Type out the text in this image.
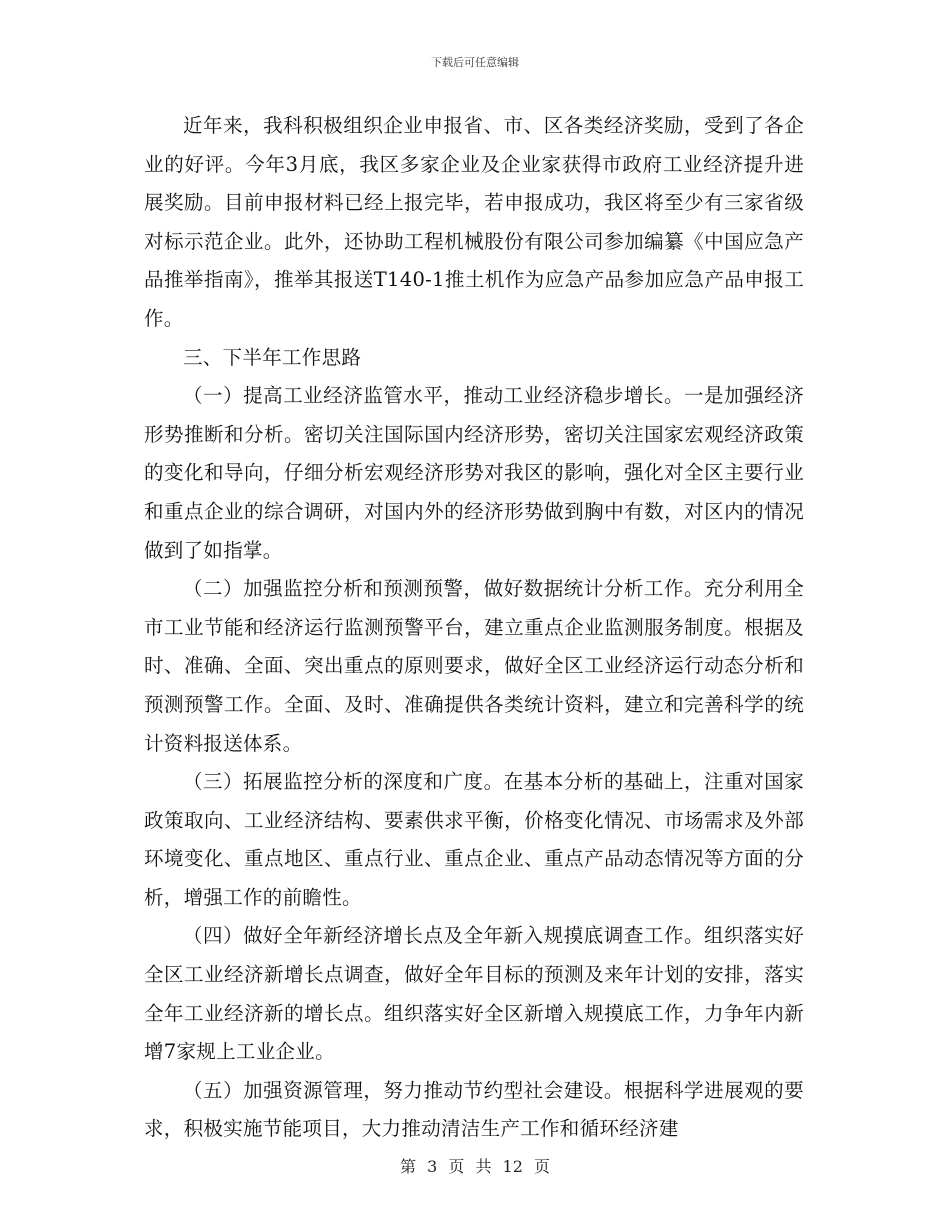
下载后可任意编辑

近年来，我科积极组织企业申报省、市、区各类经济奖励，受到了各企业的好评。今年3月底，我区多家企业及企业家获得市政府工业经济提升进展奖励。目前申报材料已经上报完毕，若申报成功，我区将至少有三家省级对标示范企业。此外，还协助工程机械股份有限公司参加编纂《中国应急产品推举指南》，推举其报送T140-1推土机作为应急产品参加应急产品申报工作。

三、下半年工作思路

（一）提高工业经济监管水平，推动工业经济稳步增长。一是加强经济形势推断和分析。密切关注国际国内经济形势，密切关注国家宏观经济政策的变化和导向，仔细分析宏观经济形势对我区的影响，强化对全区主要行业和重点企业的综合调研，对国内外的经济形势做到胸中有数，对区内的情况做到了如指掌。

（二）加强监控分析和预测预警，做好数据统计分析工作。充分利用全市工业节能和经济运行监测预警平台，建立重点企业监测服务制度。根据及时、准确、全面、突出重点的原则要求，做好全区工业经济运行动态分析和预测预警工作。全面、及时、准确提供各类统计资料，建立和完善科学的统计资料报送体系。

（三）拓展监控分析的深度和广度。在基本分析的基础上，注重对国家政策取向、工业经济结构、要素供求平衡，价格变化情况、市场需求及外部环境变化、重点地区、重点行业、重点企业、重点产品动态情况等方面的分析，增强工作的前瞻性。

（四）做好全年新经济增长点及全年新入规摸底调查工作。组织落实好全区工业经济新增长点调查，做好全年目标的预测及来年计划的安排，落实全年工业经济新的增长点。组织落实好全区新增入规摸底工作，力争年内新增7家规上工业企业。

（五）加强资源管理，努力推动节约型社会建设。根据科学进展观的要求，积极实施节能项目，大力推动清洁生产工作和循环经济建

第 3 页 共 12 页
